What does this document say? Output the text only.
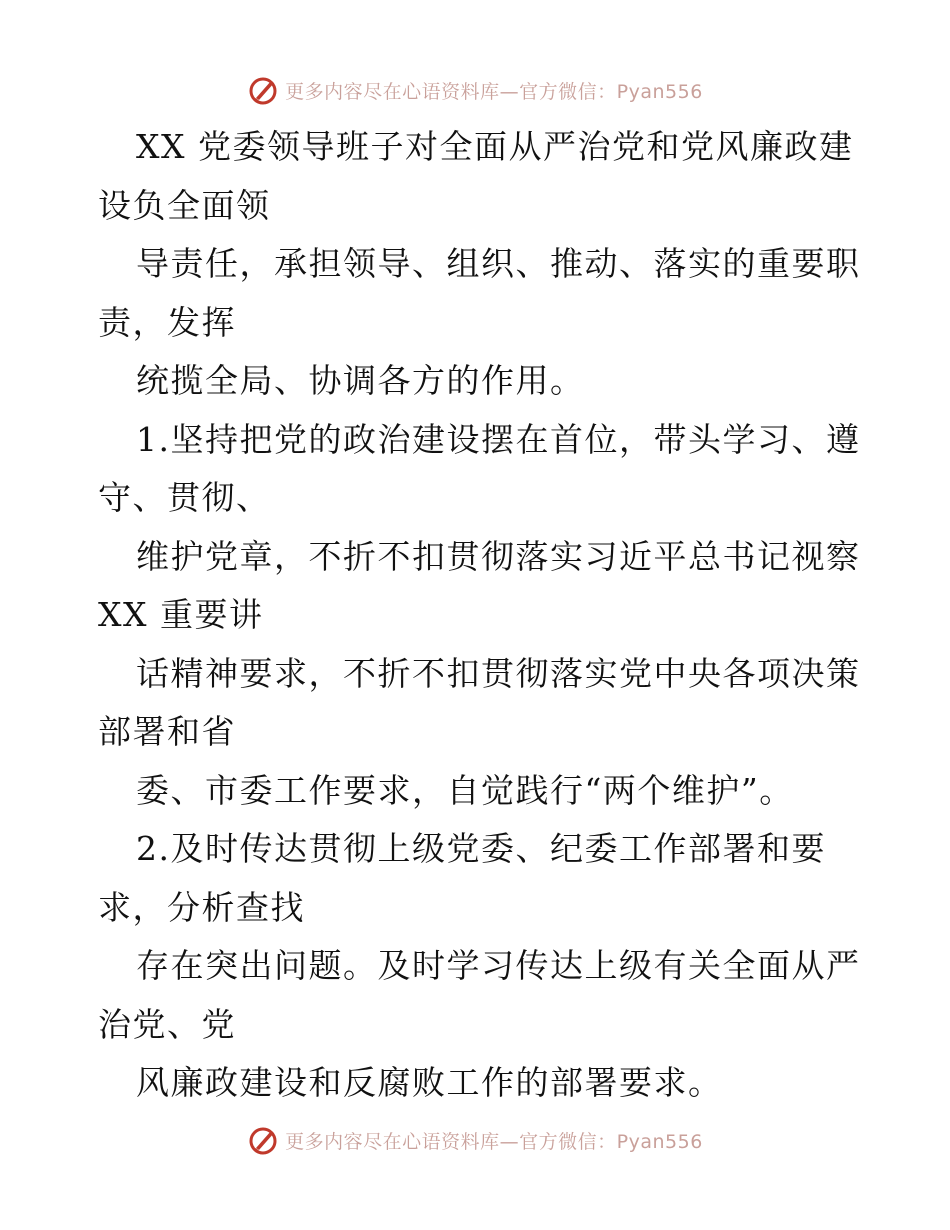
更多内容尽在心语资料库—官方微信：Pyan556
XX 党委领导班子对全面从严治党和党风廉政建
设负全面领
导责任，承担领导、组织、推动、落实的重要职
责，发挥
统揽全局、协调各方的作用。
1.坚持把党的政治建设摆在首位，带头学习、遵
守、贯彻、
维护党章，不折不扣贯彻落实习近平总书记视察
XX 重要讲
话精神要求，不折不扣贯彻落实党中央各项决策
部署和省
委、市委工作要求，自觉践行“两个维护”。
2.及时传达贯彻上级党委、纪委工作部署和要
求，分析查找
存在突出问题。及时学习传达上级有关全面从严
治党、党
风廉政建设和反腐败工作的部署要求。
更多内容尽在心语资料库—官方微信：Pyan556
